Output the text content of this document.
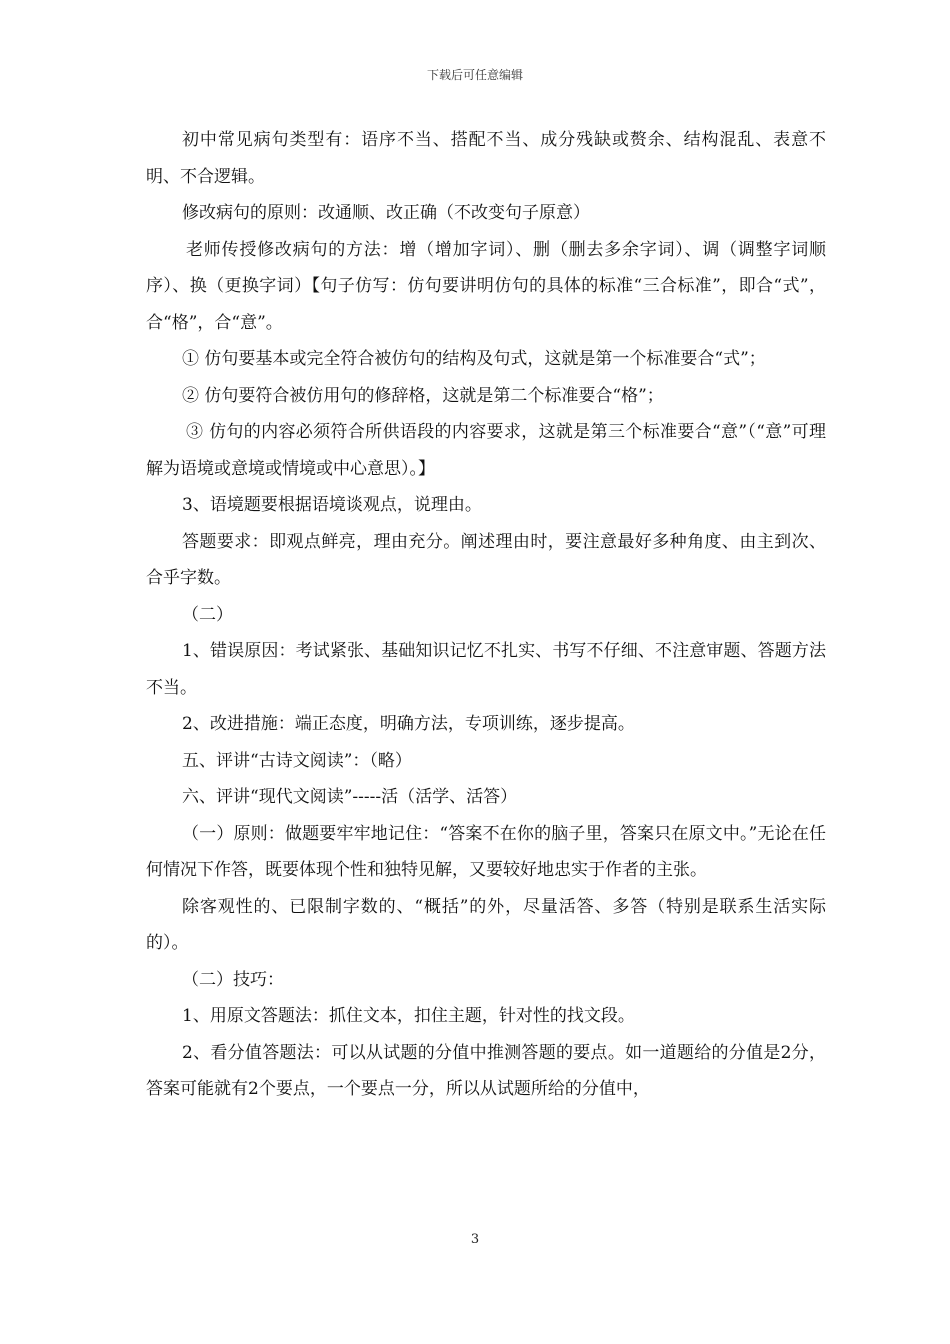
下载后可任意编辑

初中常见病句类型有：语序不当、搭配不当、成分残缺或赘余、结构混乱、表意不明、不合逻辑。

修改病句的原则：改通顺、改正确（不改变句子原意）

老师传授修改病句的方法：增（增加字词）、删（删去多余字词）、调（调整字词顺序）、换（更换字词）【句子仿写：仿句要讲明仿句的具体的标准“三合标准”，即合“式”，合“格”，合“意”。

① 仿句要基本或完全符合被仿句的结构及句式，这就是第一个标准要合“式”；

② 仿句要符合被仿用句的修辞格，这就是第二个标准要合“格”；

③ 仿句的内容必须符合所供语段的内容要求，这就是第三个标准要合“意”（“意”可理解为语境或意境或情境或中心意思）。】

3、语境题要根据语境谈观点，说理由。

答题要求：即观点鲜亮，理由充分。阐述理由时，要注意最好多种角度、由主到次、合乎字数。

（二）

1、错误原因：考试紧张、基础知识记忆不扎实、书写不仔细、不注意审题、答题方法不当。

2、改进措施：端正态度，明确方法，专项训练，逐步提高。

五、评讲“古诗文阅读”：（略）

六、评讲“现代文阅读”-----活（活学、活答）

（一）原则：做题要牢牢地记住：“答案不在你的脑子里，答案只在原文中。”无论在任何情况下作答，既要体现个性和独特见解，又要较好地忠实于作者的主张。

除客观性的、已限制字数的、“概括”的外，尽量活答、多答（特别是联系生活实际的）。

（二）技巧：

1、用原文答题法：抓住文本，扣住主题，针对性的找文段。

2、看分值答题法：可以从试题的分值中推测答题的要点。如一道题给的分值是2分，答案可能就有2个要点，一个要点一分，所以从试题所给的分值中，

3
